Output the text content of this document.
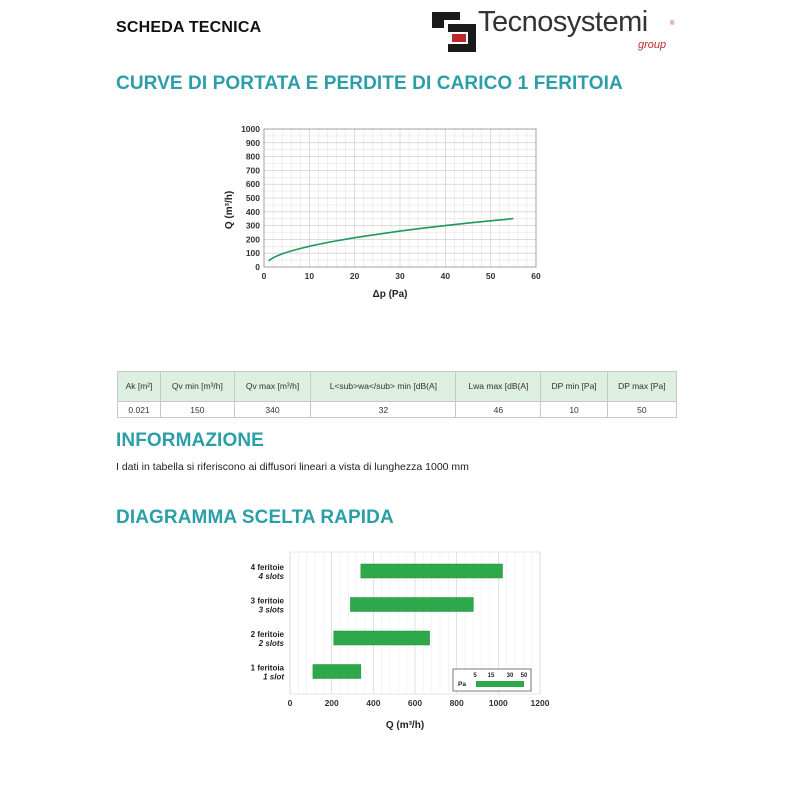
SCHEDA TECNICA	Tecnosystemi	®
group
CURVE DI PORTATA E PERDITE DI CARICO 1 FERITOIA
0
100
200
300
400
500
600
700
800
900
1000
0	10	20	30	40	50	60
Δp (Pa)
Q (m³/h)
Ak [m²]	Qv min [m³/h]	Qv max [m³/h]	L<sub>wa</sub> min [dB(A]	Lwa max [dB(A]	DP min [Pa]	DP max [Pa]
0.021	150	340	32	46	10	50
INFORMAZIONE
I dati in tabella si riferiscono ai diffusori lineari a vista di lunghezza 1000 mm
DIAGRAMMA SCELTA RAPIDA
4 feritoie
4 slots
3 feritoie
3 slots
2 feritoie
2 slots
1 feritoia
1 slot
0	200	400	600	800	1000	1200
Q (m³/h)
Pa
5 15 30 50
